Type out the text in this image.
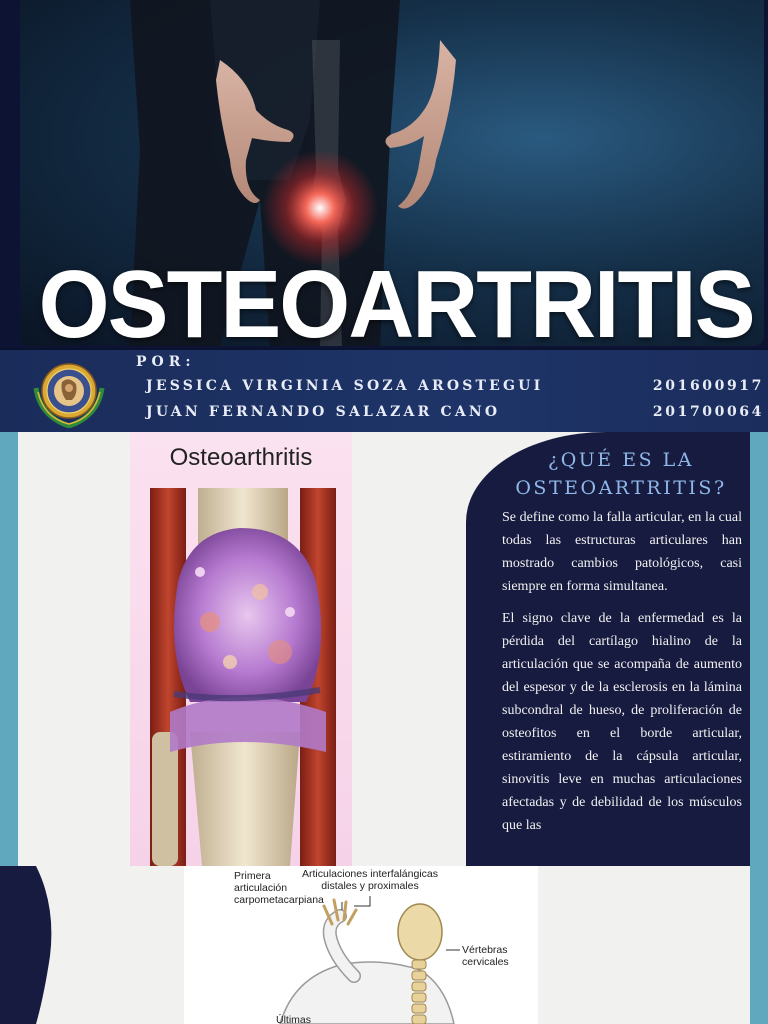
OSTEOARTRITIS
POR:
JESSICA VIRGINIA SOZA AROSTEGUI	201600917
JUAN FERNANDO SALAZAR CANO	201700064
Osteoarthritis	¿QUÉ ES LA OSTEOARTRITIS?

Se define como la falla articular, en la cual todas las estructuras articulares han mostrado cambios patológicos, casi siempre en forma simultanea.

El signo clave de la enfermedad es la pérdida del cartílago hialino de la articulación que se acompaña de aumento del espesor y de la esclerosis en la lámina subcondral de hueso, de proliferación de osteofitos en el borde articular, estiramiento de la cápsula articular, sinovitis leve en muchas articulaciones afectadas y de debilidad de los músculos que las

Primera
articulación
carpometacarpiana
Articulaciones interfalángicas
distales y proximales
Vértebras
cervicales
Últimas
